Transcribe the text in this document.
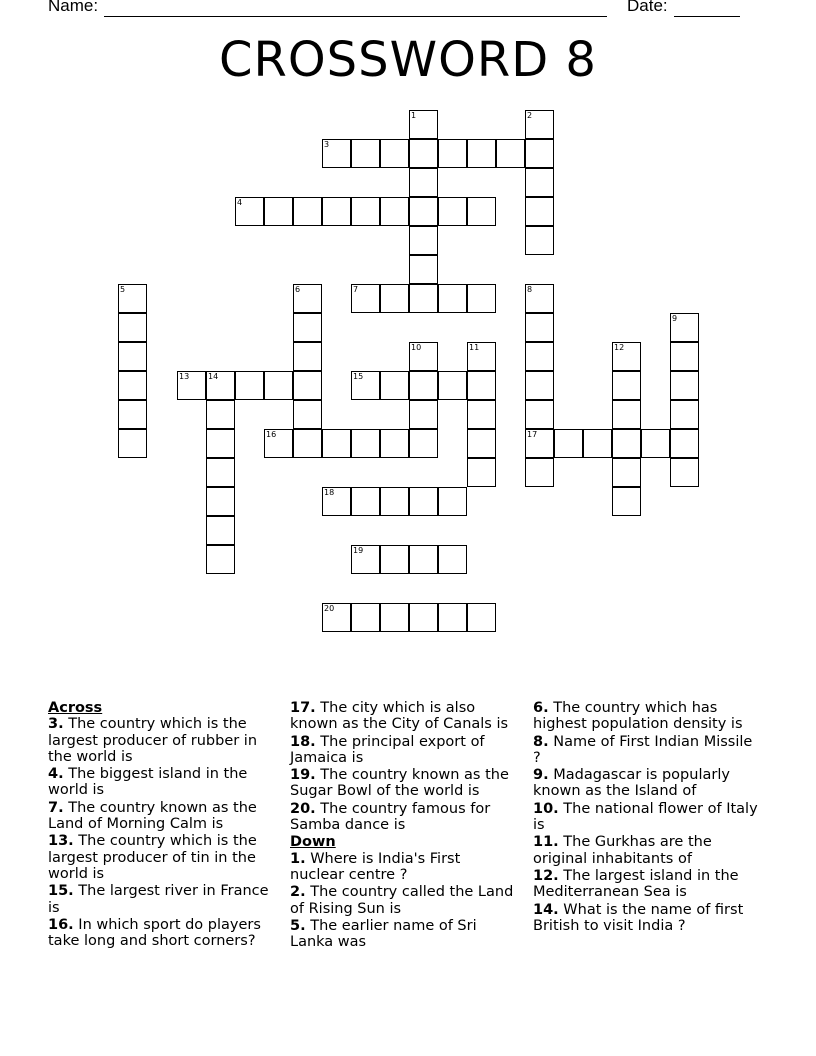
Name:	Date:
CROSSWORD 8
1	2
3
4
5	6	7	8
9
10	11	12
13 14	15
16	17
18
19
20
Across
3. The country which is the largest producer of rubber in the world is
4. The biggest island in the world is
7. The country known as the Land of Morning Calm is
13. The country which is the largest producer of tin in the world is
15. The largest river in France is
16. In which sport do players take long and short corners?
17. The city which is also known as the City of Canals is
18. The principal export of Jamaica is
19. The country known as the Sugar Bowl of the world is
20. The country famous for Samba dance is
Down
1. Where is India's First nuclear centre ?
2. The country called the Land of Rising Sun is
5. The earlier name of Sri Lanka was
6. The country which has highest population density is
8. Name of First Indian Missile ?
9. Madagascar is popularly known as the Island of
10. The national flower of Italy is
11. The Gurkhas are the original inhabitants of
12. The largest island in the Mediterranean Sea is
14. What is the name of first British to visit India ?
